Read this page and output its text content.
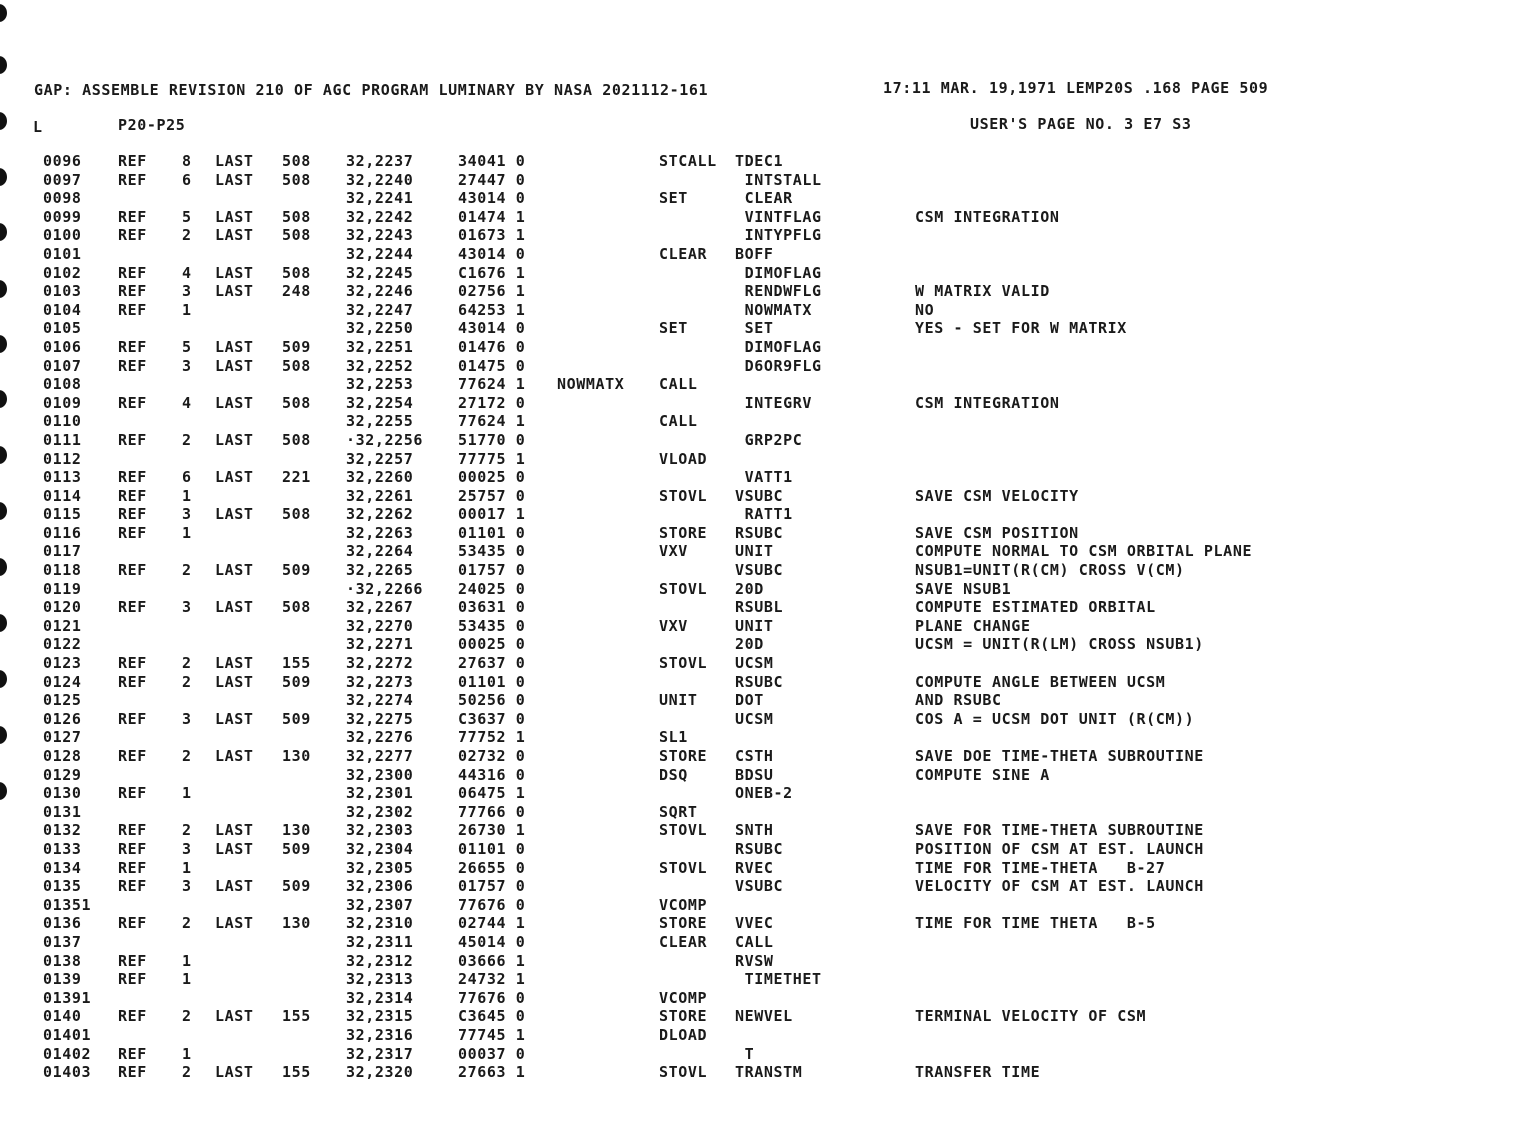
GAP: ASSEMBLE REVISION 210 OF AGC PROGRAM LUMINARY BY NASA 2021112-161	17:11 MAR. 19,1971 LEMP20S .168 PAGE 509
L	P20-P25	USER'S PAGE NO. 3 E7 S3
0096 REF 8 LAST 508 32,2237	34041 0	STCALL TDEC1
0097 REF 6 LAST 508 32,2240	27447 0	INTSTALL
0098	32,2241	43014 0	SET	CLEAR
0099 REF 5 LAST 508 32,2242	01474 1	VINTFLAG	CSM INTEGRATION
0100 REF 2 LAST 508 32,2243	01673 1	INTYPFLG
0101	32,2244	43014 0	CLEAR BOFF
0102 REF 4 LAST 508 32,2245	C1676 1	DIMOFLAG
0103 REF 3 LAST 248 32,2246	02756 1	RENDWFLG	W MATRIX VALID
0104 REF 1	32,2247	64253 1	NOWMATX	NO
0105	32,2250	43014 0	SET	SET	YES - SET FOR W MATRIX
0106 REF 5 LAST 509 32,2251	01476 0	DIMOFLAG
0107 REF 3 LAST 508 32,2252	01475 0	D6OR9FLG
0108	32,2253	77624 1 NOWMATX CALL
0109 REF 4 LAST 508 32,2254	27172 0	INTEGRV	CSM INTEGRATION
0110	32,2255	77624 1	CALL
0111 REF 2 LAST 508 ·32,2256 51770 0	GRP2PC
0112	32,2257	77775 1	VLOAD
0113 REF 6 LAST 221 32,2260	00025 0	VATT1
0114 REF 1	32,2261	25757 0	STOVL VSUBC	SAVE CSM VELOCITY
0115 REF 3 LAST 508 32,2262	00017 1	RATT1
0116 REF 1	32,2263	01101 0	STORE RSUBC	SAVE CSM POSITION
0117	32,2264	53435 0	VXV	UNIT	COMPUTE NORMAL TO CSM ORBITAL PLANE
0118 REF 2 LAST 509 32,2265	01757 0	VSUBC	NSUB1=UNIT(R(CM) CROSS V(CM)
0119	·32,2266 24025 0	STOVL 20D	SAVE NSUB1
0120 REF 3 LAST 508 32,2267	03631 0	RSUBL	COMPUTE ESTIMATED ORBITAL
0121	32,2270	53435 0	VXV	UNIT	PLANE CHANGE
0122	32,2271	00025 0	20D	UCSM = UNIT(R(LM) CROSS NSUB1)
0123 REF 2 LAST 155 32,2272	27637 0	STOVL UCSM
0124 REF 2 LAST 509 32,2273	01101 0	RSUBC	COMPUTE ANGLE BETWEEN UCSM
0125	32,2274	50256 0	UNIT DOT	AND RSUBC
0126 REF 3 LAST 509 32,2275	C3637 0	UCSM	COS A = UCSM DOT UNIT (R(CM))
0127	32,2276	77752 1	SL1
0128 REF 2 LAST 130 32,2277	02732 0	STORE CSTH	SAVE DOE TIME-THETA SUBROUTINE
0129	32,2300	44316 0	DSQ	BDSU	COMPUTE SINE A
0130 REF 1	32,2301	06475 1	ONEB-2
0131	32,2302	77766 0	SQRT
0132 REF 2 LAST 130 32,2303	26730 1	STOVL SNTH	SAVE FOR TIME-THETA SUBROUTINE
0133 REF 3 LAST 509 32,2304	01101 0	RSUBC	POSITION OF CSM AT EST. LAUNCH
0134 REF 1	32,2305	26655 0	STOVL RVEC	TIME FOR TIME-THETA   B-27
0135 REF 3 LAST 509 32,2306	01757 0	VSUBC	VELOCITY OF CSM AT EST. LAUNCH
01351	32,2307	77676 0	VCOMP
0136 REF 2 LAST 130 32,2310	02744 1	STORE VVEC	TIME FOR TIME THETA   B-5
0137	32,2311	45014 0	CLEAR CALL
0138 REF 1	32,2312	03666 1	RVSW
0139 REF 1	32,2313	24732 1	TIMETHET
01391	32,2314	77676 0	VCOMP
0140 REF 2 LAST 155 32,2315	C3645 0	STORE NEWVEL	TERMINAL VELOCITY OF CSM
01401	32,2316	77745 1	DLOAD
01402 REF 1	32,2317	00037 0	T
01403 REF 2 LAST 155 32,2320	27663 1	STOVL TRANSTM	TRANSFER TIME
